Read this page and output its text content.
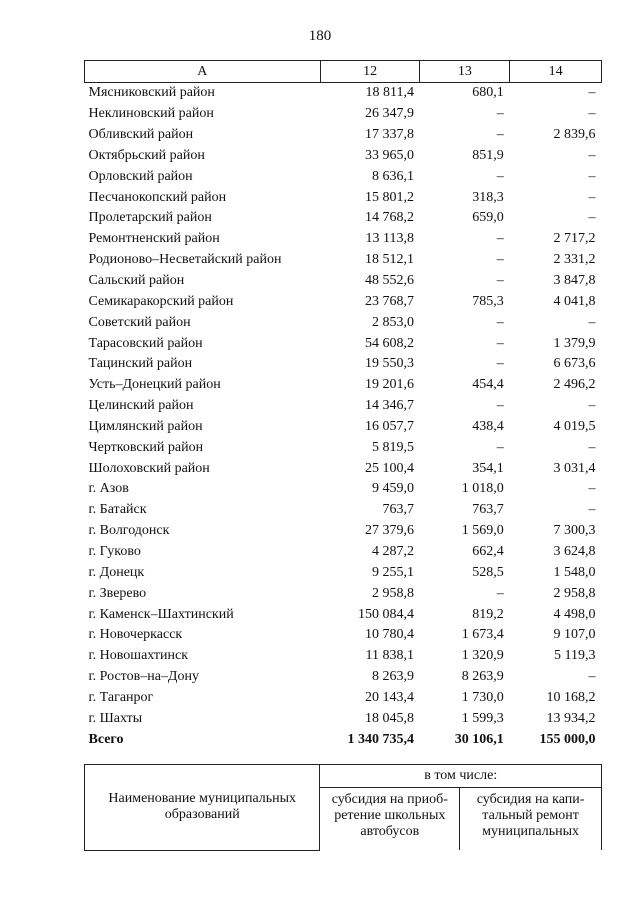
180
А	12	13	14
Мясниковский район	18 811,4	680,1	–
Неклиновский район	26 347,9	–	–
Обливский район	17 337,8	–	2 839,6
Октябрьский район	33 965,0	851,9	–
Орловский район	8 636,1	–	–
Песчанокопский район	15 801,2	318,3	–
Пролетарский район	14 768,2	659,0	–
Ремонтненский район	13 113,8	–	2 717,2
Родионово–Несветайский район	18 512,1	–	2 331,2
Сальский район	48 552,6	–	3 847,8
Семикаракорский район	23 768,7	785,3	4 041,8
Советский район	2 853,0	–	–
Тарасовский район	54 608,2	–	1 379,9
Тацинский район	19 550,3	–	6 673,6
Усть–Донецкий район	19 201,6	454,4	2 496,2
Целинский район	14 346,7	–	–
Цимлянский район	16 057,7	438,4	4 019,5
Чертковский район	5 819,5	–	–
Шолоховский район	25 100,4	354,1	3 031,4
г. Азов	9 459,0	1 018,0	–
г. Батайск	763,7	763,7	–
г. Волгодонск	27 379,6	1 569,0	7 300,3
г. Гуково	4 287,2	662,4	3 624,8
г. Донецк	9 255,1	528,5	1 548,0
г. Зверево	2 958,8	–	2 958,8
г. Каменск–Шахтинский	150 084,4	819,2	4 498,0
г. Новочеркасск	10 780,4	1 673,4	9 107,0
г. Новошахтинск	11 838,1	1 320,9	5 119,3
г. Ростов–на–Дону	8 263,9	8 263,9	–
г. Таганрог	20 143,4	1 730,0	10 168,2
г. Шахты	18 045,8	1 599,3	13 934,2
Всего	1 340 735,4	30 106,1	155 000,0
Наименование муниципальных образований	в том числе:	
	субсидия на приоб- ретение школьных автобусов	субсидия на капи- тальный ремонт муниципальных
